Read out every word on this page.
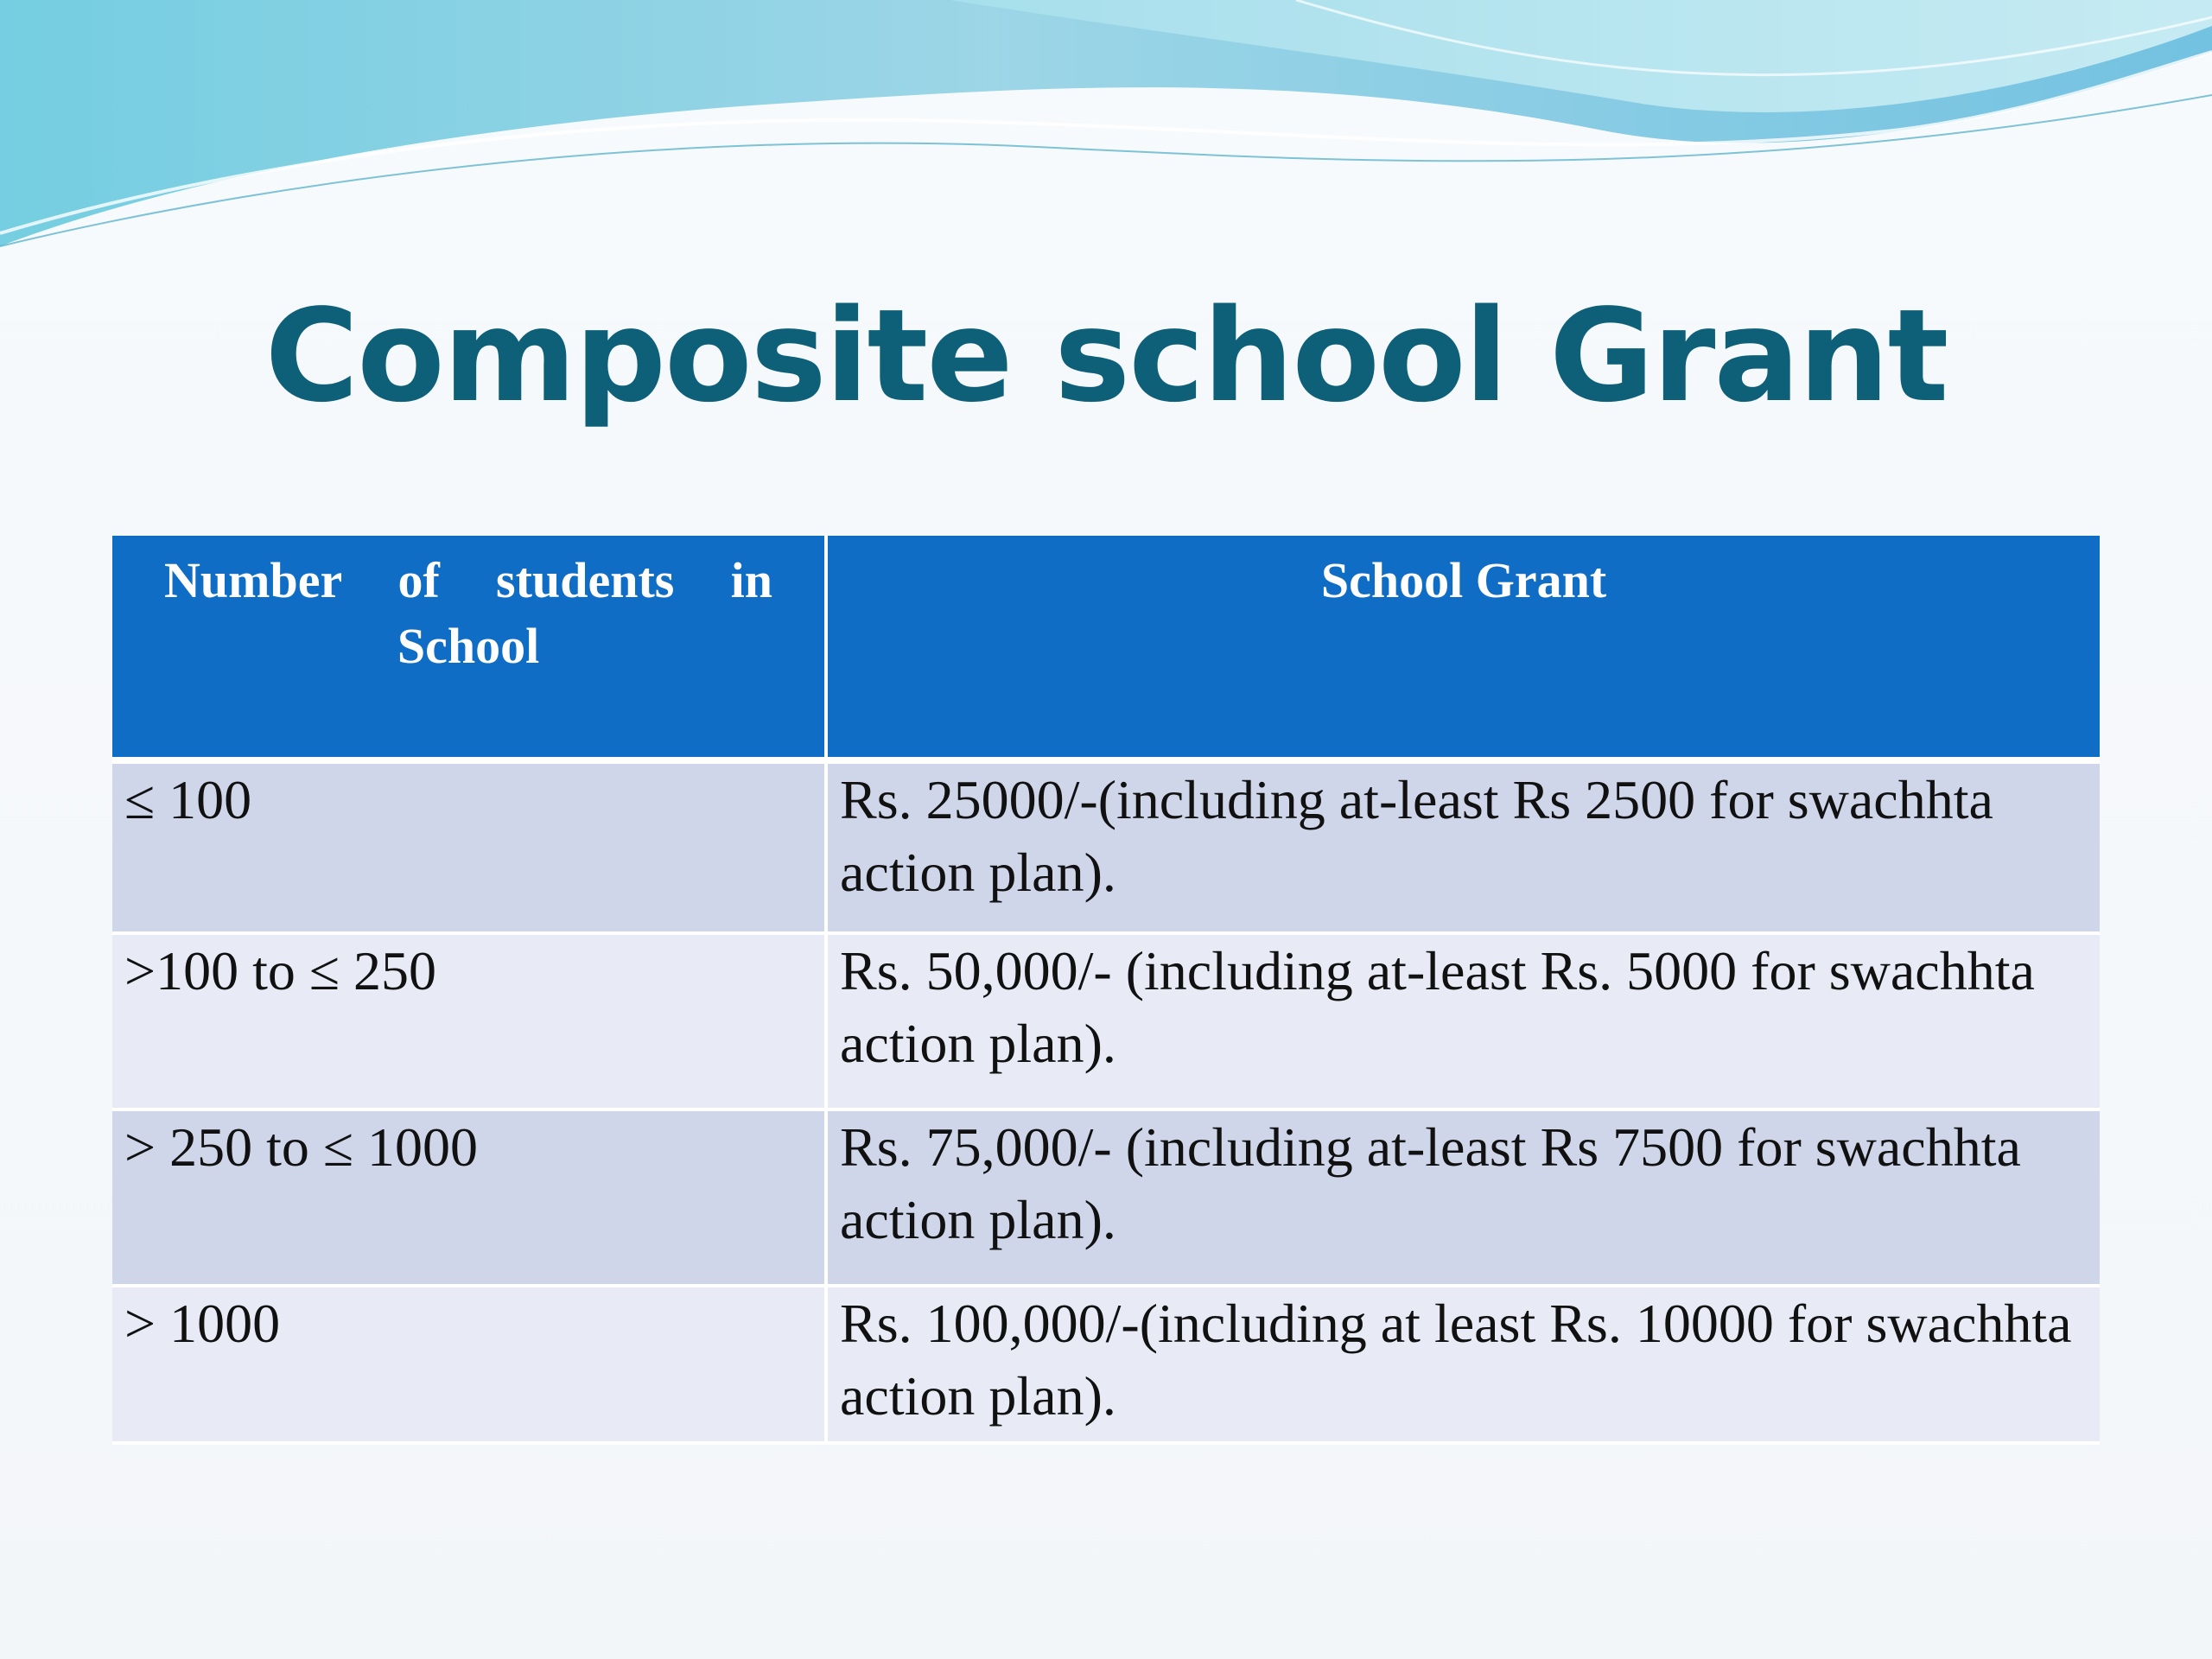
Composite school Grant
Number of students in School	School Grant
≤ 100	Rs. 25000/-(including at-least Rs 2500 for swachhta action plan).
>100 to ≤ 250	Rs. 50,000/- (including at-least Rs. 5000 for swachhta action plan).
> 250 to ≤ 1000	Rs. 75,000/- (including at-least Rs 7500 for swachhta action plan).
> 1000	Rs. 100,000/-(including at least Rs. 10000 for swachhta action plan).
